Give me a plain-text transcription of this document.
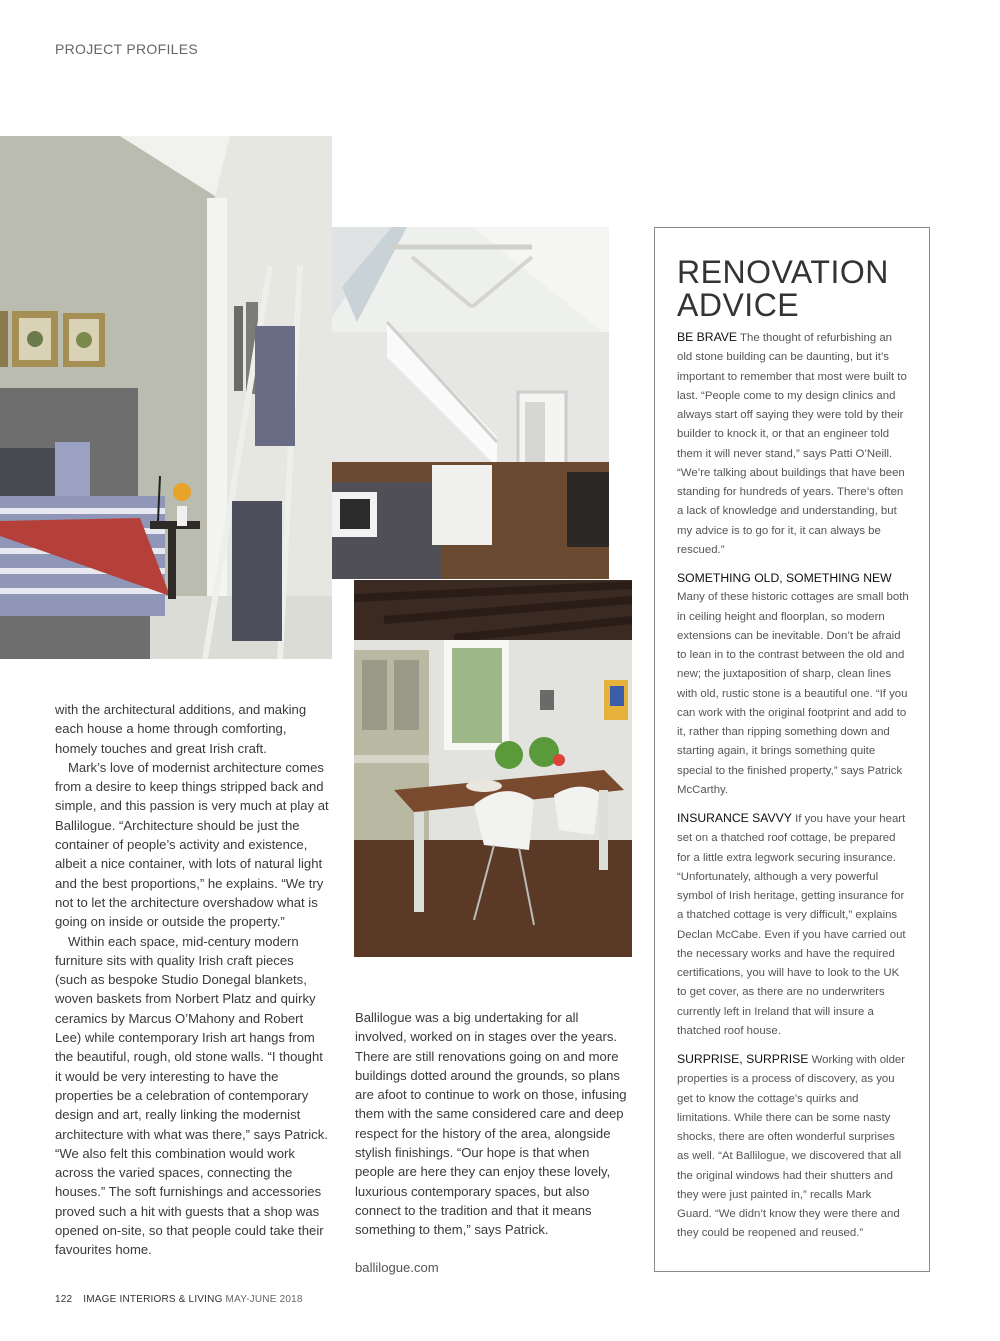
PROJECT PROFILES

with the architectural additions, and making each house a home through comforting, homely touches and great Irish craft.

Mark’s love of modernist architecture comes from a desire to keep things stripped back and simple, and this passion is very much at play at Ballilogue. “Architecture should be just the container of people’s activity and existence, albeit a nice container, with lots of natural light and the best proportions,” he explains. “We try not to let the architecture overshadow what is going on inside or outside the property.”

Within each space, mid-century modern furniture sits with quality Irish craft pieces (such as bespoke Studio Donegal blankets, woven baskets from Norbert Platz and quirky ceramics by Marcus O’Mahony and Robert Lee) while contemporary Irish art hangs from the beautiful, rough, old stone walls. “I thought it would be very interesting to have the properties be a celebration of contemporary design and art, really linking the modernist architecture with what was there,” says Patrick. “We also felt this combination would work across the varied spaces, connecting the houses.” The soft furnishings and accessories proved such a hit with guests that a shop was opened on-site, so that people could take their favourites home.

Ballilogue was a big undertaking for all involved, worked on in stages over the years. There are still renovations going on and more buildings dotted around the grounds, so plans are afoot to continue to work on those, infusing them with the same considered care and deep respect for the history of the area, alongside stylish finishings. “Our hope is that when people are here they can enjoy these lovely, luxurious contemporary spaces, but also connect to the tradition and that it means something to them,” says Patrick.

ballilogue.com
RENOVATION
ADVICE

BE BRAVE The thought of refurbishing an old stone building can be daunting, but it’s important to remember that most were built to last. “People come to my design clinics and always start off saying they were told by their builder to knock it, or that an engineer told them it will never stand,” says Patti O’Neill. “We’re talking about buildings that have been standing for hundreds of years. There’s often a lack of knowledge and understanding, but my advice is to go for it, it can always be rescued.”

SOMETHING OLD, SOMETHING NEW
Many of these historic cottages are small both in ceiling height and floorplan, so modern extensions can be inevitable. Don’t be afraid to lean in to the contrast between the old and new; the juxtaposition of sharp, clean lines with old, rustic stone is a beautiful one. “If you can work with the original footprint and add to it, rather than ripping something down and starting again, it brings something quite special to the finished property,” says Patrick McCarthy.

INSURANCE SAVVY If you have your heart set on a thatched roof cottage, be prepared for a little extra legwork securing insurance. “Unfortunately, although a very powerful symbol of Irish heritage, getting insurance for a thatched cottage is very difficult,” explains Declan McCabe. Even if you have carried out the necessary works and have the required certifications, you will have to look to the UK to get cover, as there are no underwriters currently left in Ireland that will insure a thatched roof house.

SURPRISE, SURPRISE Working with older properties is a process of discovery, as you get to know the cottage’s quirks and limitations. While there can be some nasty shocks, there are often wonderful surprises as well. “At Ballilogue, we discovered that all the original windows had their shutters and they were just painted in,” recalls Mark Guard. “We didn’t know they were there and they could be reopened and reused.”

122 IMAGE INTERIORS & LIVING MAY-JUNE 2018
